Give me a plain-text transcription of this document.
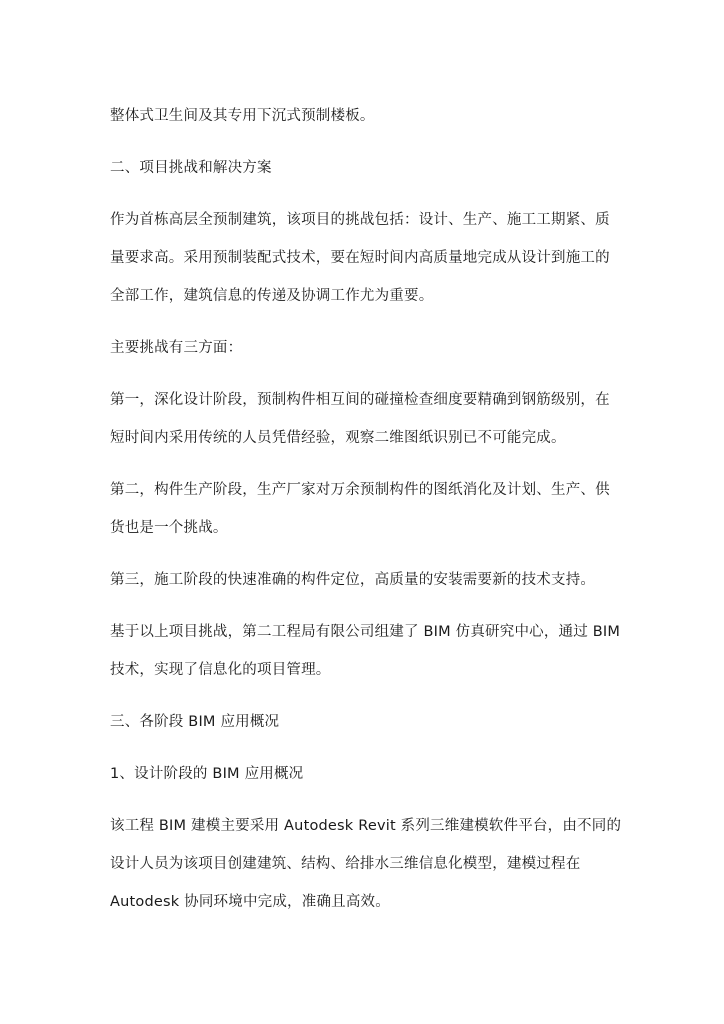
整体式卫生间及其专用下沉式预制楼板。
二、项目挑战和解决方案
作为首栋高层全预制建筑，该项目的挑战包括：设计、生产、施工工期紧、质
量要求高。采用预制装配式技术，要在短时间内高质量地完成从设计到施工的
全部工作，建筑信息的传递及协调工作尤为重要。
主要挑战有三方面：
第一，深化设计阶段，预制构件相互间的碰撞检查细度要精确到钢筋级别，在
短时间内采用传统的人员凭借经验，观察二维图纸识别已不可能完成。
第二，构件生产阶段，生产厂家对万余预制构件的图纸消化及计划、生产、供
货也是一个挑战。
第三，施工阶段的快速准确的构件定位，高质量的安装需要新的技术支持。
基于以上项目挑战，第二工程局有限公司组建了 BIM 仿真研究中心，通过 BIM
技术，实现了信息化的项目管理。
三、各阶段 BIM 应用概况
1、设计阶段的 BIM 应用概况
该工程 BIM 建模主要采用 Autodesk Revit 系列三维建模软件平台，由不同的
设计人员为该项目创建建筑、结构、给排水三维信息化模型，建模过程在
Autodesk 协同环境中完成，准确且高效。
